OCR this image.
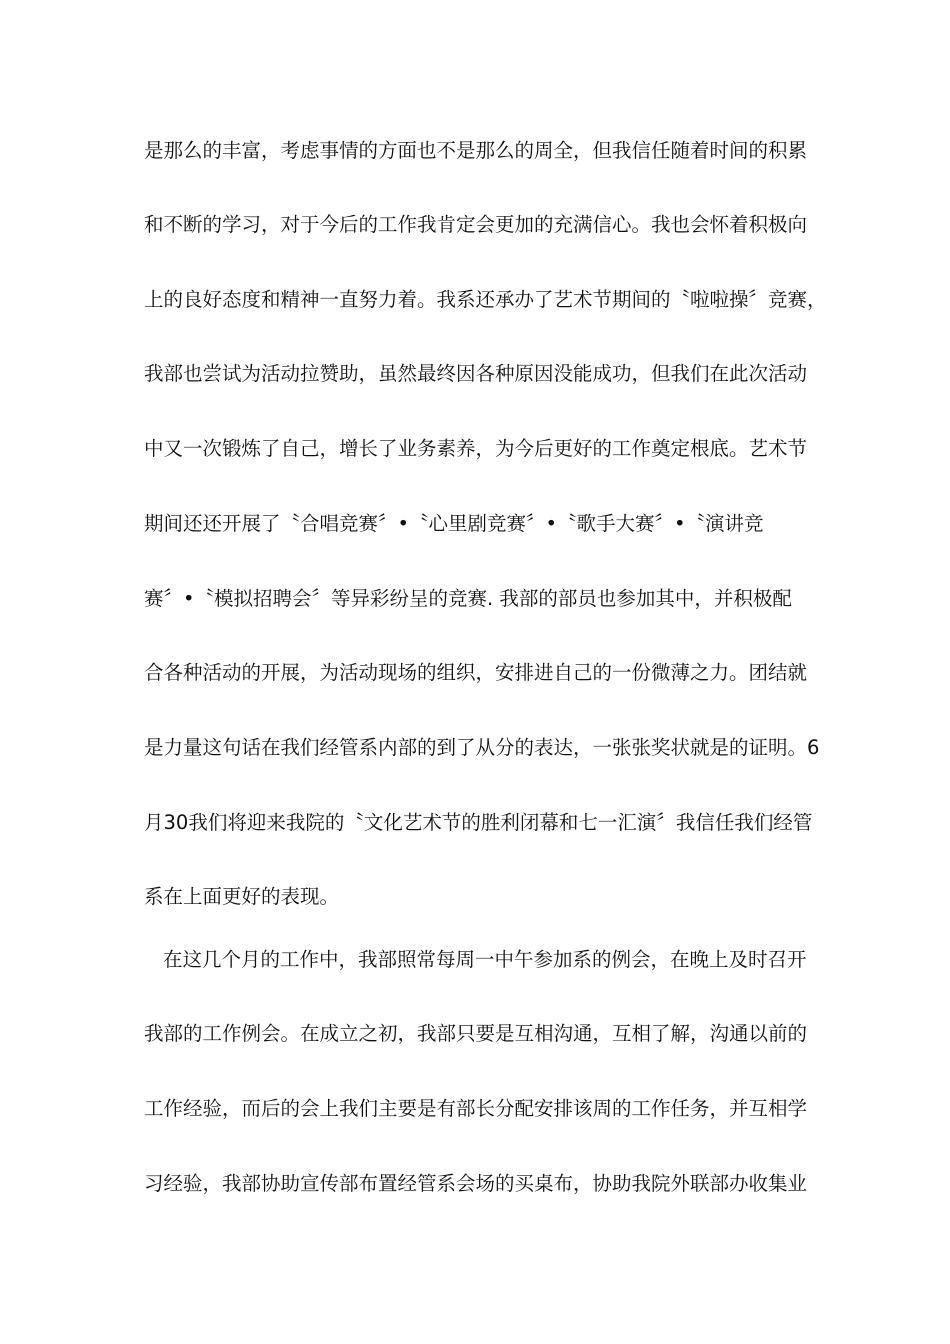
是那么的丰富，考虑事情的方面也不是那么的周全，但我信任随着时间的积累
和不断的学习，对于今后的工作我肯定会更加的充满信心。我也会怀着积极向
上的良好态度和精神一直努力着。我系还承办了艺术节期间的〝啦啦操〞竞赛，
我部也尝试为活动拉赞助，虽然最终因各种原因没能成功，但我们在此次活动
中又一次锻炼了自己，增长了业务素养，为今后更好的工作奠定根底。艺术节
期间还还开展了〝合唱竞赛〞•〝心里剧竞赛〞•〝歌手大赛〞•〝演讲竞
赛〞•〝模拟招聘会〞等异彩纷呈的竞赛. 我部的部员也参加其中，并积极配
合各种活动的开展，为活动现场的组织，安排进自己的一份微薄之力。团结就
是力量这句话在我们经管系内部的到了从分的表达，一张张奖状就是的证明。6
月30我们将迎来我院的〝文化艺术节的胜利闭幕和七一汇演〞我信任我们经管
系在上面更好的表现。
在这几个月的工作中，我部照常每周一中午参加系的例会，在晚上及时召开
我部的工作例会。在成立之初，我部只要是互相沟通，互相了解，沟通以前的
工作经验，而后的会上我们主要是有部长分配安排该周的工作任务，并互相学
习经验，我部协助宣传部布置经管系会场的买桌布，协助我院外联部办收集业
